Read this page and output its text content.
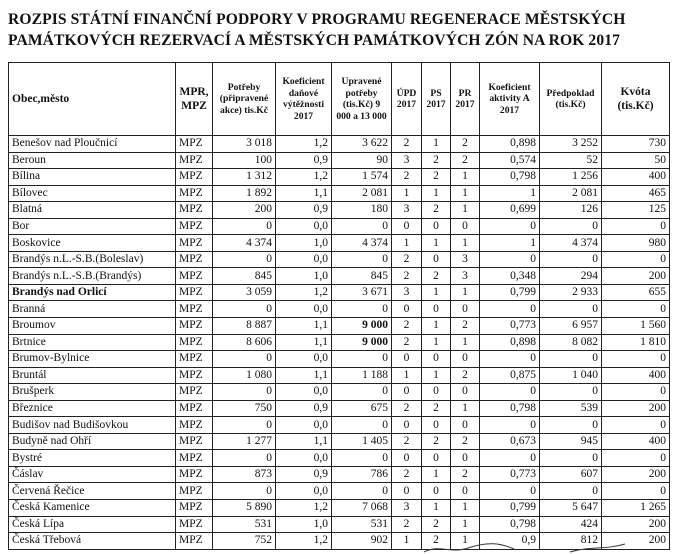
ROZPIS STÁTNÍ FINANČNÍ PODPORY V PROGRAMU REGENERACE MĚSTSKÝCH
PAMÁTKOVÝCH REZERVACÍ A MĚSTSKÝCH PAMÁTKOVÝCH ZÓN NA ROK 2017
Obec,město	MPR, MPZ	Potřeby (připravené akce) tis.Kč	Koeficient daňové výtěžnosti 2017	Upravené potřeby (tis.Kč) 9 000 a 13 000	ÚPD 2017	PS 2017	PR 2017	Koeficient aktivity A 2017	Předpoklad (tis.Kč)	Kvóta (tis.Kč)
Benešov nad Ploučnicí	MPZ	3 018	1,2	3 622	2	1	2	0,898	3 252	730
Beroun	MPZ	100	0,9	90	3	2	2	0,574	52	50
Bílina	MPZ	1 312	1,2	1 574	2	2	1	0,798	1 256	400
Bílovec	MPZ	1 892	1,1	2 081	1	1	1	1	2 081	465
Blatná	MPZ	200	0,9	180	3	2	1	0,699	126	125
Bor	MPZ	0	0,0	0	0	0	0	0	0	0
Boskovice	MPZ	4 374	1,0	4 374	1	1	1	1	4 374	980
Brandýs n.L.-S.B.(Boleslav)	MPZ	0	0,0	0	2	0	3	0	0	0
Brandýs n.L.-S.B.(Brandýs)	MPZ	845	1,0	845	2	2	3	0,348	294	200
Brandýs nad Orlicí	MPZ	3 059	1,2	3 671	3	1	1	0,799	2 933	655
Branná	MPZ	0	0,0	0	0	0	0	0	0	0
Broumov	MPZ	8 887	1,1	9 000	2	1	2	0,773	6 957	1 560
Brtnice	MPZ	8 606	1,1	9 000	2	1	1	0,898	8 082	1 810
Brumov-Bylnice	MPZ	0	0,0	0	0	0	0	0	0	0
Bruntál	MPZ	1 080	1,1	1 188	1	1	2	0,875	1 040	400
Brušperk	MPZ	0	0,0	0	0	0	0	0	0	0
Březnice	MPZ	750	0,9	675	2	2	1	0,798	539	200
Budišov nad Budišovkou	MPZ	0	0,0	0	0	0	0	0	0	0
Budyně nad Ohří	MPZ	1 277	1,1	1 405	2	2	2	0,673	945	400
Bystré	MPZ	0	0,0	0	0	0	0	0	0	0
Čáslav	MPZ	873	0,9	786	2	1	2	0,773	607	200
Červená Řečice	MPZ	0	0,0	0	0	0	0	0	0	0
Česká Kamenice	MPZ	5 890	1,2	7 068	3	1	1	0,799	5 647	1 265
Česká Lípa	MPZ	531	1,0	531	2	2	1	0,798	424	200
Česká Třebová	MPZ	752	1,2	902	1	2	1	0,9	812	200
